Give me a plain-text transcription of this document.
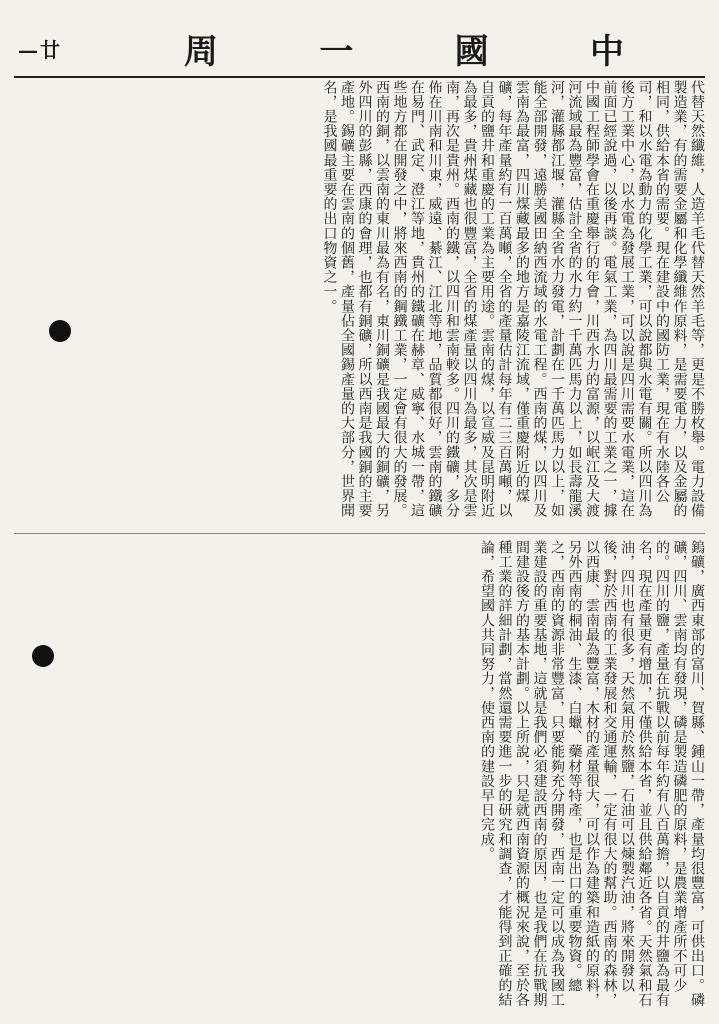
—廿	周	一	國	中

代替天然纖維，人造羊毛代替天然羊毛等，更是不勝枚舉。電力設備製造業，有的需要金屬和化學纖維作原料，是需要電力，以及金屬的相同，供給本省的需要。現在建設中的國防工業，現在有水陸各公司，和以水電為動力的化學工業，可以說都與水電有關。所以四川為後方工業中心，以水電為發展工業，可以說是四川需要水電業，這在前面已經說過，以後再談。電氣工業，為四川最需要的工業之一，據中國工程師學會在重慶舉行的年會，川西水力的富源，以岷江及大渡河流域最為豐富，估計全省的水力約一千萬匹馬力以上，如長壽龍溪河，灌縣都江堰，灌縣全省水力發電，計劃在一千萬匹馬力以上，如能全部開發，遠勝美國田納西流域的水電工程。西南的煤，以四川及雲南為最富，四川煤藏最多的地方是嘉陵江流域，僅重慶附近的煤礦，每年產量約有一百萬噸，全省的產量估計每年有二三百萬噸，以自貢的鹽井和重慶的工業為主要用途。雲南的煤，以宣威及昆明附近為最多，貴州煤藏也很豐富，全省的煤產量以四川為最多，其次是雲南，再次是貴州。西南的鐵，以四川和雲南較多。四川的鐵礦，多分佈在川南和川東，威遠、綦江、江北等地，品質都很好，雲南的鐵礦在易門、武定、澄江等地，貴州的鐵礦在赫章、威寧、水城一帶，這些地方都在開發之中，將來西南的鋼鐵工業，一定會有很大的發展。西南的銅，以雲南的東川最為有名，東川銅礦是我國最大的銅礦，另外四川的彭縣，西康的會理，也都有銅礦，所以西南是我國銅的主要產地。錫礦主要在雲南的個舊，產量佔全國錫產量的大部分，世界聞名，是我國最重要的出口物資之一。

鎢礦，廣西東部的富川、賀縣、鍾山一帶，產量均很豐富，可供出口。磷礦，四川、雲南均有發現，磷是製造磷肥的原料，是農業增產所不可少的。四川的鹽，產量在抗戰以前每年約有八百萬擔，以自貢的井鹽為最有名，現在產量更有增加，不僅供給本省，並且供給鄰近各省。天然氣和石油，四川也有很多，天然氣用於熬鹽，石油可以煉製汽油，將來開發以後，對於西南的工業發展和交通運輸，一定有很大的幫助。西南的森林，以西康、雲南最為豐富，木材的產量很大，可以作為建築和造紙的原料，另外西南的桐油、生漆、白蠟、藥材等特產，也是出口的重要物資。總之，西南的資源非常豐富，只要能夠充分開發，西南一定可以成為我國工業建設的重要基地，這就是我們必須建設西南的原因，也是我們在抗戰期間建設後方的基本計劃。以上所說，只是就西南資源的概況來說，至於各種工業的詳細計劃，當然還需要進一步的研究和調查，才能得到正確的結論，希望國人共同努力，使西南的建設早日完成。
